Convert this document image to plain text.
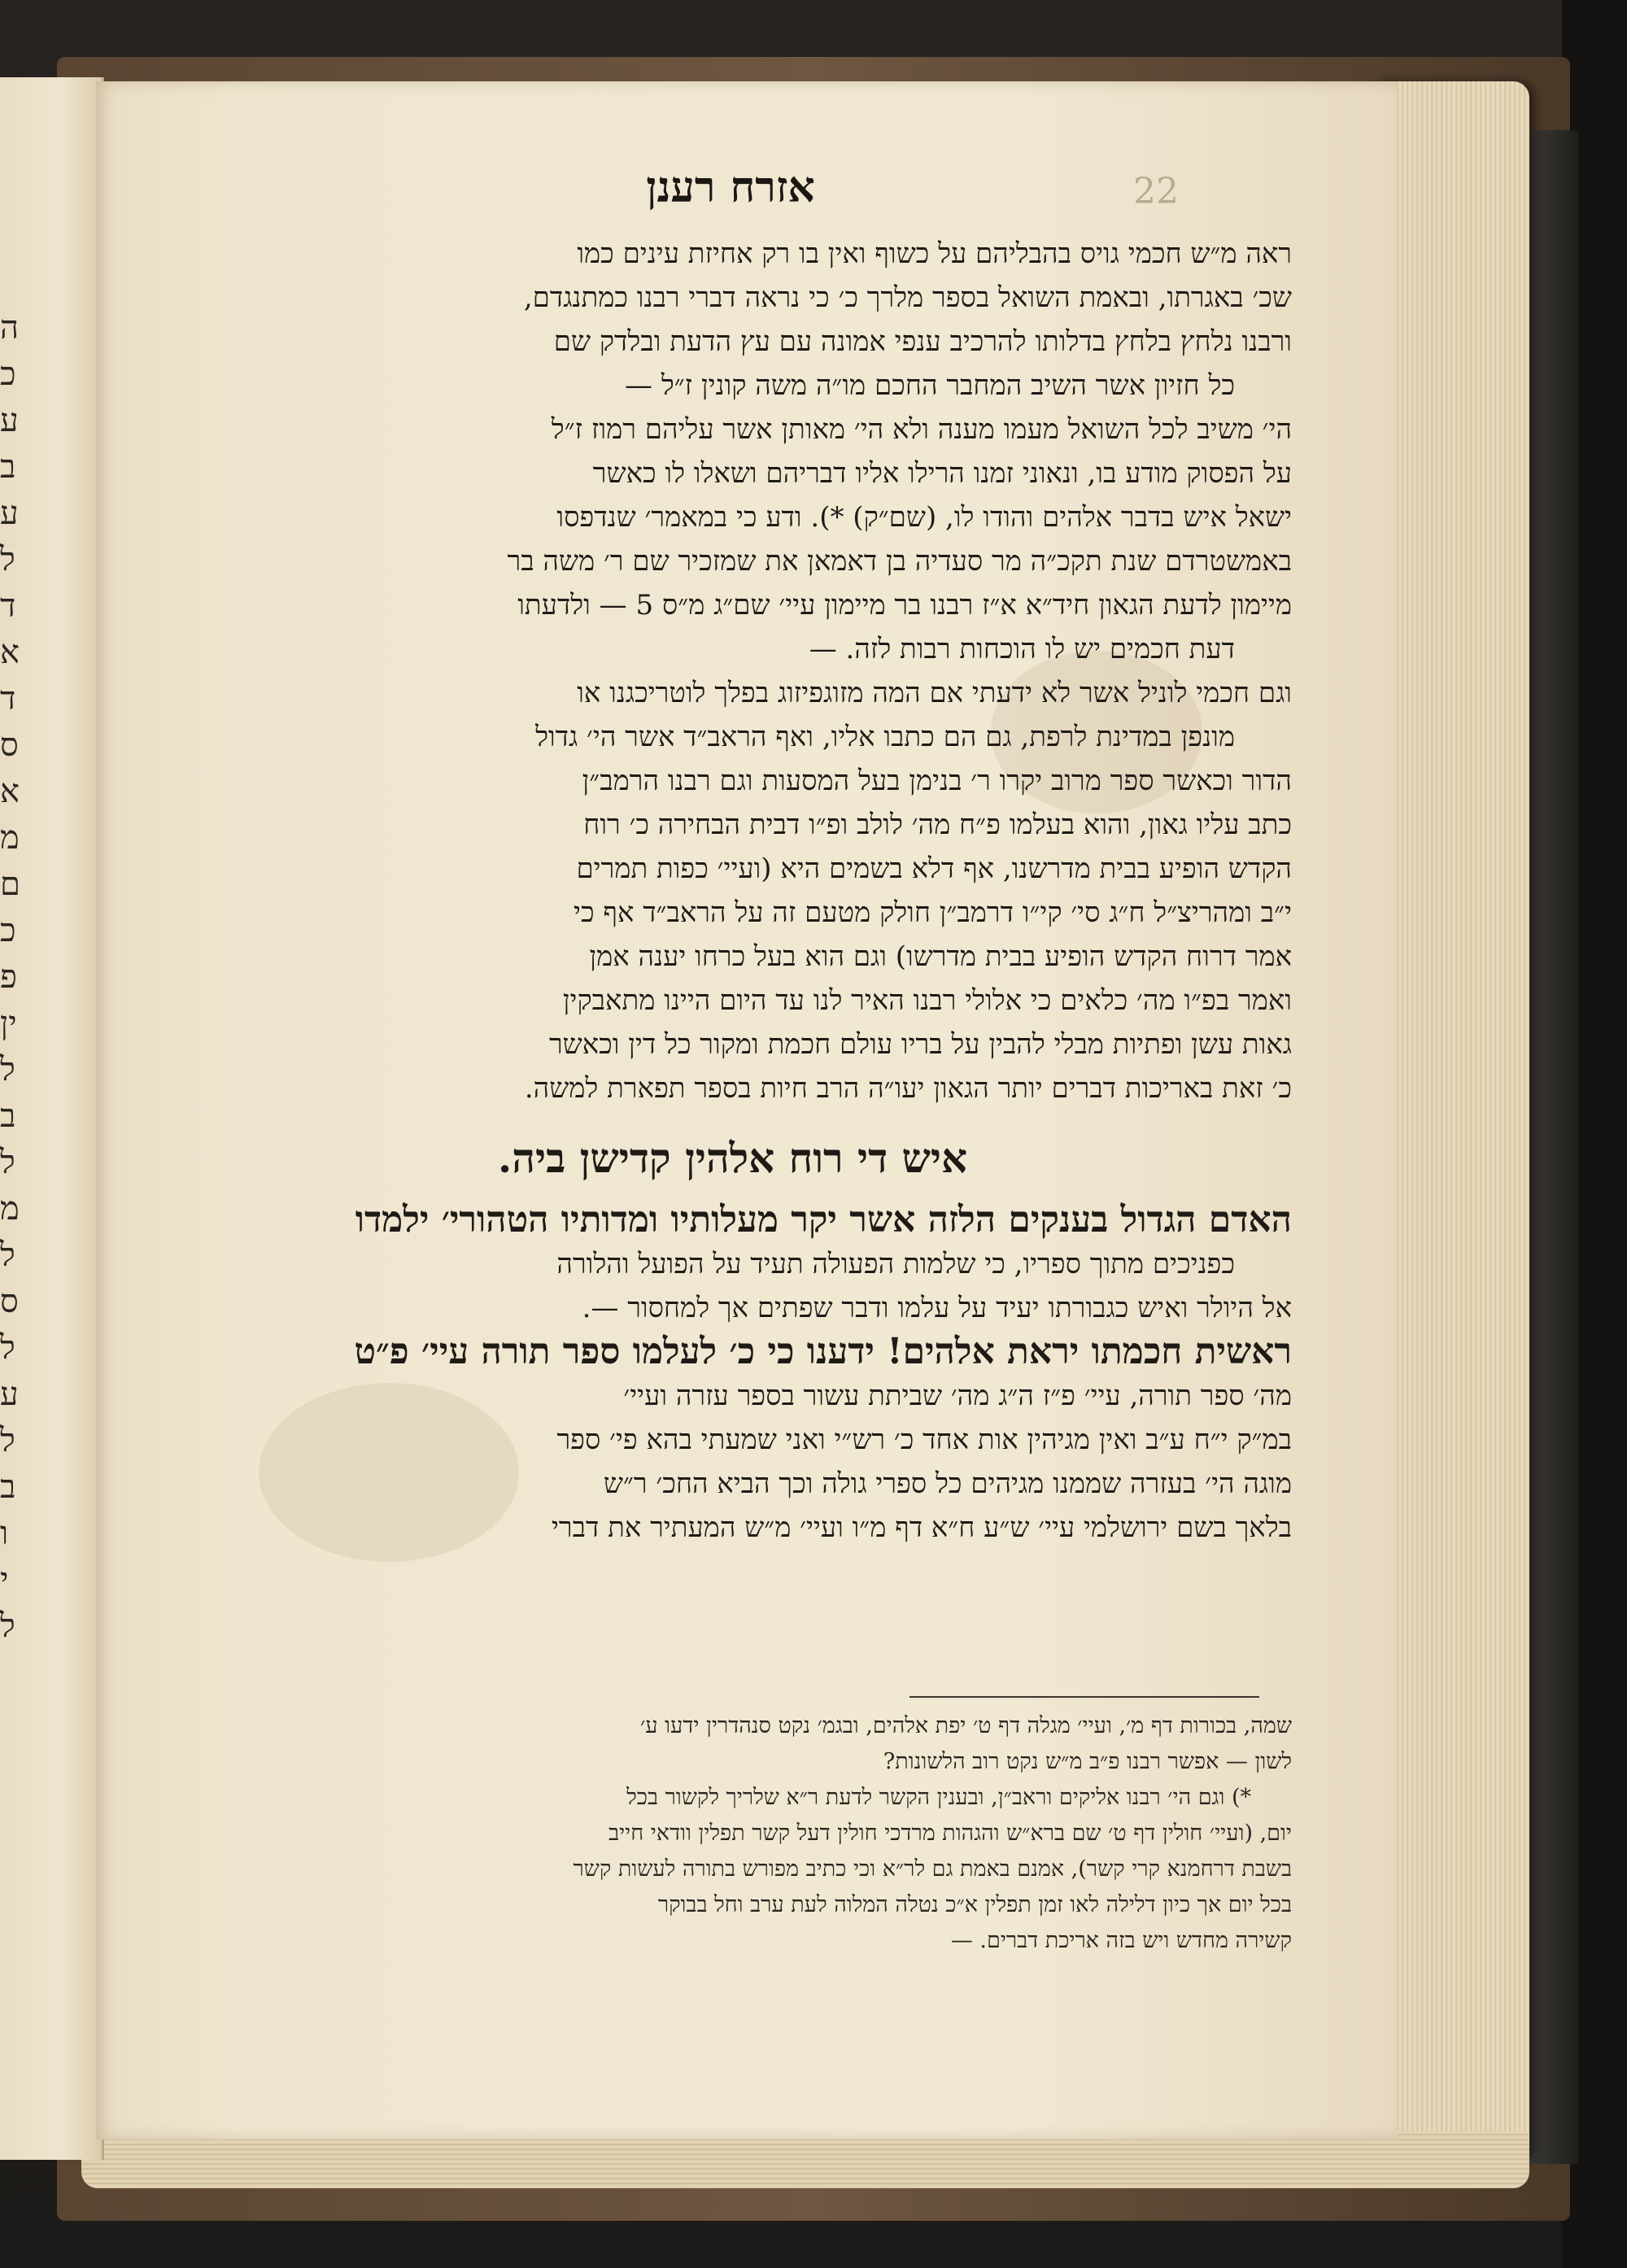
ה
כ
ע
ב
ע
ל
ד
א
ד
ס
א
מ
ם
כ
פ
ין
ל
ב
ל
מ
ל
ס
ל
ע
ל
ב
ו
י
ל
22
אזרח רענן
ראה מ״ש חכמי גויס בהבליהם על כשוף ואין בו רק אחיזת עינים כמו
שכ׳ באגרתו, ובאמת השואל בספר מלרך כ׳ כי נראה דברי רבנו כמתנגדם,
ורבנו נלחץ בלחץ בדלותו להרכיב ענפי אמונה עם עץ הדעת ובלדק שם
כל חזיון אשר השיב המחבר החכם מו״ה משה קונין ז״ל —
הי׳ משיב לכל השואל מעמו מענה ולא הי׳ מאותן אשר עליהם רמוז ז״ל
על הפסוק מודע בו, ונאוני זמנו הרילו אליו דבריהם ושאלו לו כאשר
ישאל איש בדבר אלהים והודו לו, (שם״ק) *). ודע כי במאמר׳ שנדפסו
באמשטרדם שנת תקכ״ה מר סעדיה בן דאמאן את שמזכיר שם ר׳ משה בר
מיימון לדעת הגאון חיד״א א״ז רבנו בר מיימון עיי׳ שם״ג מ״ס 5 — ולדעתו
דעת חכמים יש לו הוכחות רבות לזה. —
וגם חכמי לוניל אשר לא ידעתי אם המה מזוגפיזוג בפלך לוטריכגנו או
מונפן במדינת לרפת, גם הם כתבו אליו, ואף הראב״ד אשר הי׳ גדול
הדור וכאשר ספר מרוב יקרו ר׳ בנימן בעל המסעות וגם רבנו הרמב״ן
כתב עליו גאון, והוא בעלמו פ״ח מה׳ לולב ופ״ו דבית הבחירה כ׳ רוח
הקדש הופיע בבית מדרשנו, אף דלא בשמים היא (ועיי׳ כפות תמרים
י״ב ומהריצ״ל ח״ג סי׳ קי״ו דרמב״ן חולק מטעם זה על הראב״ד אף כי
אמר דרוח הקדש הופיע בבית מדרשו) וגם הוא בעל כרחו יענה אמן
ואמר בפ״ו מה׳ כלאים כי אלולי רבנו האיר לנו עד היום היינו מתאבקין
גאות עשן ופתיות מבלי להבין על בריו עולם חכמת ומקור כל דין וכאשר
כ׳ זאת באריכות דברים יותר הגאון יעו״ה הרב חיות בספר תפארת למשה.
איש די רוח אלהין קדישן ביה.
האדם הגדול בענקים הלזה אשר יקר מעלותיו ומדותיו הטהורי׳ ילמדו
כפניכים מתוך ספריו, כי שלמות הפעולה תעיד על הפועל והלורה
אל היולר ואיש כגבורתו יעיד על עלמו ודבר שפתים אך למחסור —.
ראשית חכמתו יראת אלהים! ידענו כי כ׳ לעלמו ספר תורה עיי׳ פ״ט
מה׳ ספר תורה, עיי׳ פ״ז ה״ג מה׳ שביתת עשור בספר עזרה ועיי׳
במ״ק י״ח ע״ב ואין מגיהין אות אחד כ׳ רש״י ואני שמעתי בהא פי׳ ספר
מוגה הי׳ בעזרה שממנו מגיהים כל ספרי גולה וכך הביא החכ׳ ר״ש
בלאך בשם ירושלמי עיי׳ ש״ע ח״א דף מ״ו ועיי׳ מ״ש המעתיר את דברי
שמה, בכורות דף מ׳, ועיי׳ מגלה דף ט׳ יפת אלהים, ובגמ׳ נקט סנהדרין ידעו ע׳
לשון — אפשר רבנו פ״ב מ״ש נקט רוב הלשונות?
*) וגם הי׳ רבנו אליקים וראב״ן, ובענין הקשר לדעת ר״א שלריך לקשור בכל
יום, (ועיי׳ חולין דף ט׳ שם ברא״ש והגהות מרדכי חולין דעל קשר תפלין וודאי חייב
בשבת דרחמנא קרי קשר), אמנם באמת גם לר״א וכי כתיב מפורש בתורה לעשות קשר
בכל יום אך כיון דלילה לאו זמן תפלין א״כ נטלה המלוה לעת ערב וחל בבוקר
קשירה מחדש ויש בזה אריכת דברים. —
